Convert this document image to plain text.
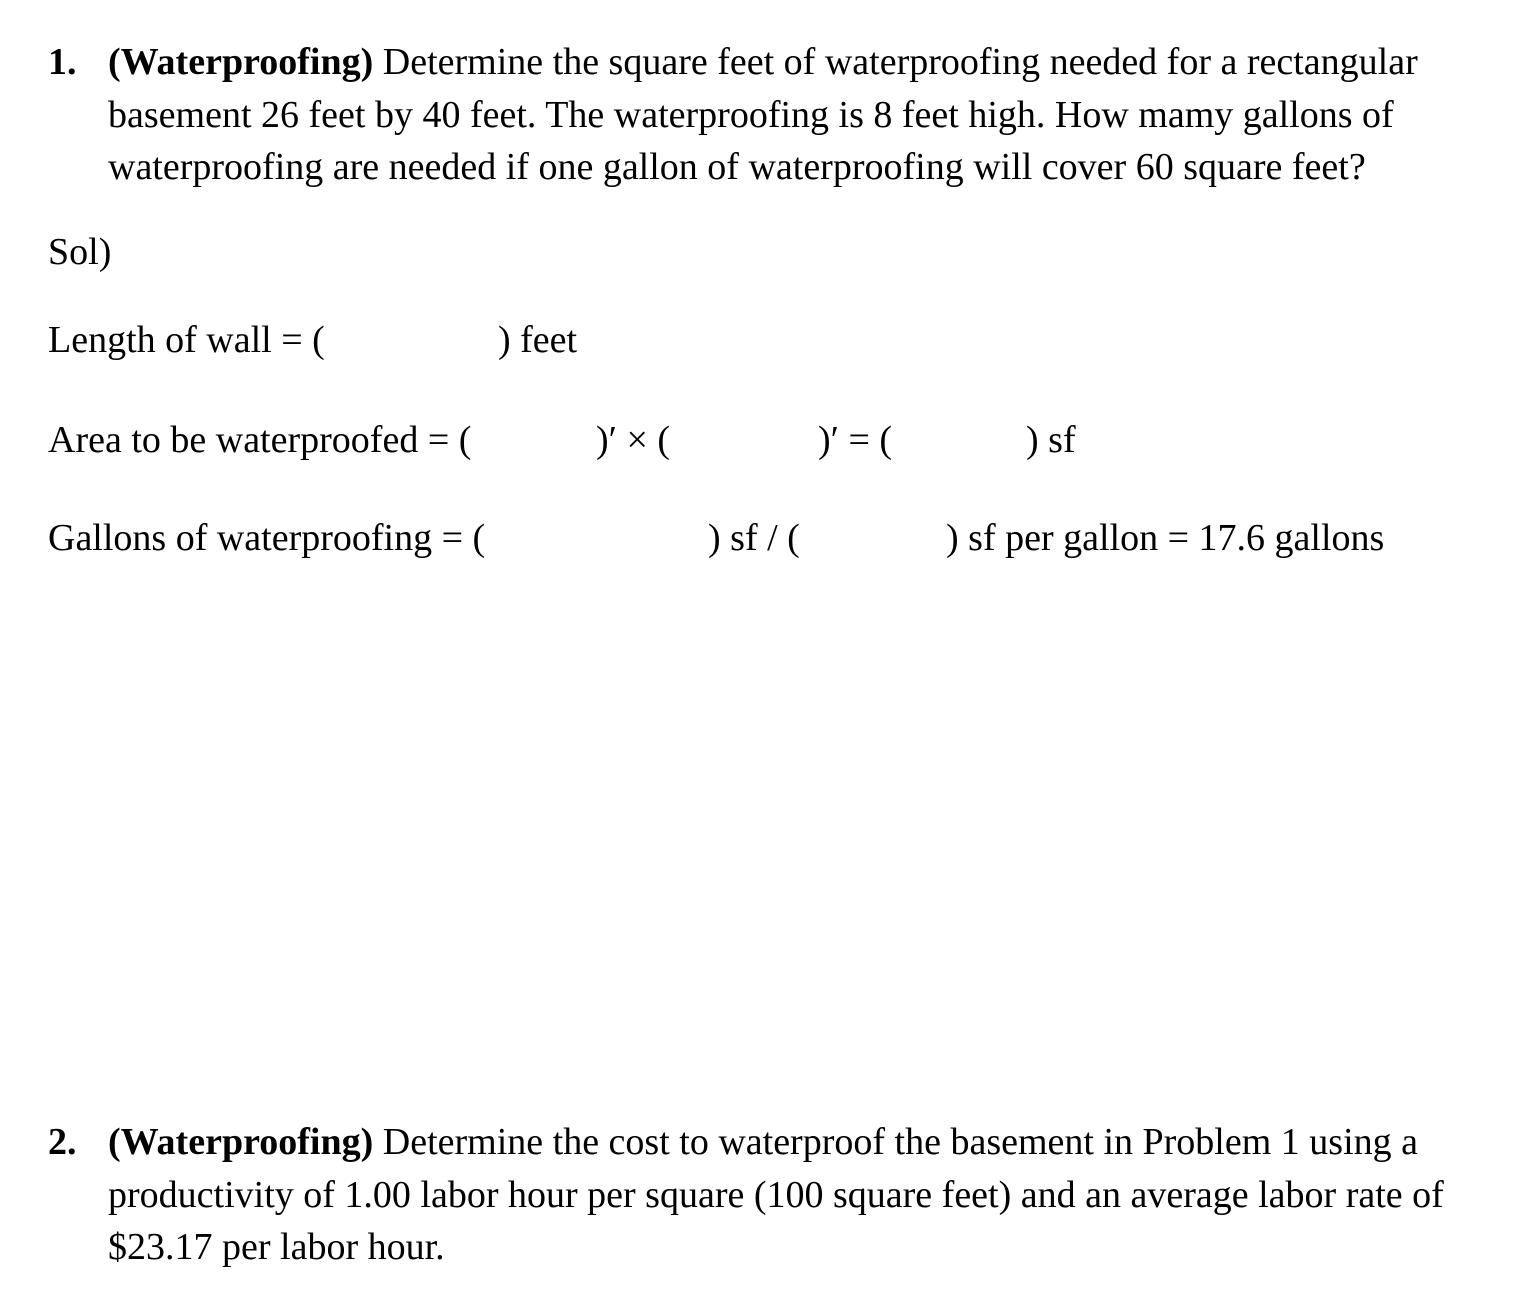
1. (Waterproofing) Determine the square feet of waterproofing needed for a rectangular basement 26 feet by 40 feet. The waterproofing is 8 feet high. How mamy gallons of waterproofing are needed if one gallon of waterproofing will cover 60 square feet?
Sol)
Length of wall = (	) feet
Area to be waterproofed = (	)′ × (	)′ = (	) sf
Gallons of waterproofing = (	) sf / (	) sf per gallon = 17.6 gallons
2. (Waterproofing) Determine the cost to waterproof the basement in Problem 1 using a productivity of 1.00 labor hour per square (100 square feet) and an average labor rate of $23.17 per labor hour.
